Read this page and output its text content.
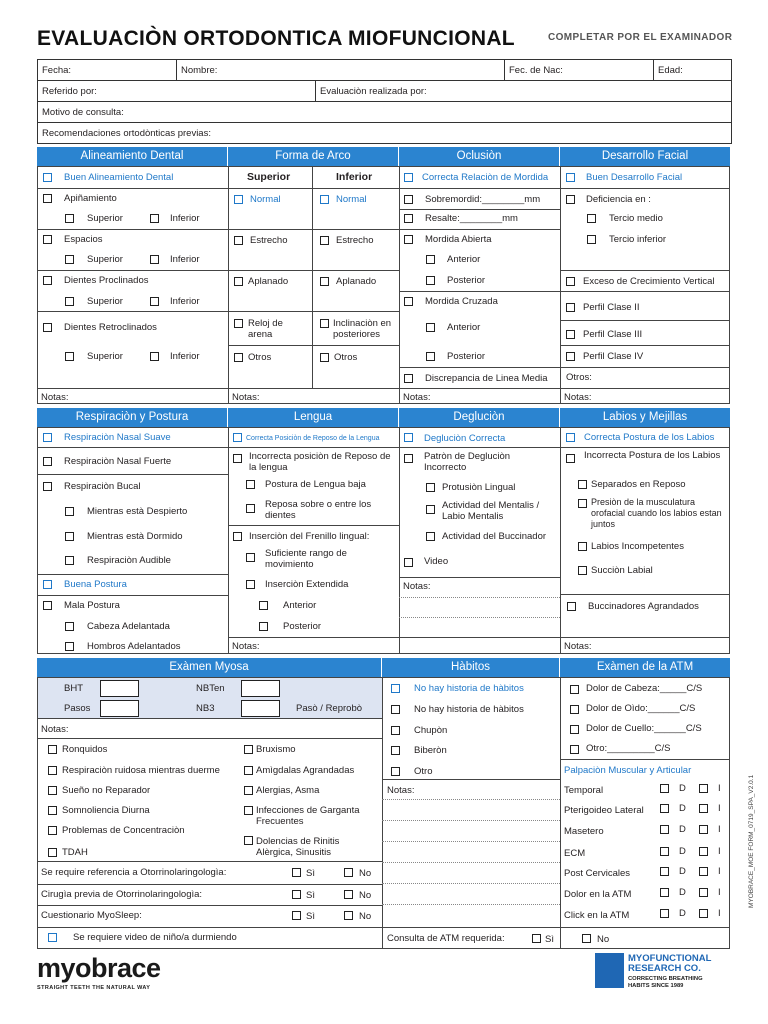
EVALUACIÒN ORTODONTICA MIOFUNCIONAL	COMPLETAR POR EL EXAMINADOR
Fecha:	Nombre:	Fec. de Nac:	Edad:
Referido por:	Evaluaciòn realizada por:
Motivo de consulta:
Recomendaciones ortodònticas previas:
Alineamiento Dental	Forma de Arco	Oclusiòn	Desarrollo Facial
Buen Alineamiento Dental
Apiñamiento
Superior	Inferior
Espacios
Superior	Inferior
Dientes Proclinados
Superior	Inferior
Dientes Retroclinados
Superior	Inferior
Superior	Inferior
Normal	Normal
Estrecho	Estrecho
Aplanado	Aplanado
Reloj de arena
Inclinaciòn en posteriores
Otros	Otros
Correcta Relaciòn de Mordida
Sobremordid:________mm
Resalte:________mm
Mordida Abierta
Anterior
Posterior
Mordida Cruzada
Anterior
Posterior
Discrepancia de Linea Media
Buen Desarrollo Facial
Deficiencia en :
Tercio medio
Tercio inferior
Exceso de Crecimiento Vertical
Perfil Clase II
Perfil Clase III
Perfil Clase IV
Otros:
Notas:	Notas:	Notas:	Notas:
Respiraciòn y Postura	Lengua	Degluciòn	Labios y Mejillas
Respiraciòn Nasal Suave
Respiraciòn Nasal Fuerte
Respiraciòn Bucal
Mientras està Despierto
Mientras està Dormido
Respiraciòn Audible
Buena Postura
Mala Postura
Cabeza Adelantada
Hombros Adelantados
Correcta Posiciòn de Reposo de la Lengua
Incorrecta posiciòn de Reposo de la lengua
Postura de Lengua baja
Reposa sobre o entre los dientes
Inserciòn del Frenillo lingual:
Suficiente rango de movimiento
Inserciòn Extendida
Anterior
Posterior
Degluciòn Correcta
Patròn de Degluciòn Incorrecto
Protusiòn Lingual
Actividad del Mentalis / Labio Mentalis
Actividad del Buccinador
Video
Notas:
Correcta Postura de los Labios
Incorrecta Postura de los Labios
Separados en Reposo
Presiòn de la musculatura orofacial cuando los labios estan juntos
Labios Incompetentes
Succiòn Labial
Buccinadores Agrandados
Notas:	Notas:
Exàmen Myosa	Hàbitos	Exàmen de la ATM
BHT	NBTen
Pasos	NB3	Pasò / Reprobò
Notas:
Ronquidos
Respiraciòn ruidosa mientras duerme
Sueño no Reparador
Somnoliencia Diurna
Problemas de Concentraciòn
TDAH
Bruxismo
Amìgdalas Agrandadas
Alergias, Asma
Infecciones de Garganta Frecuentes
Dolencias de Rinitis Alèrgica, Sinusitis
Se require referencia a Otorrinolaringologìa:	Sì	No
Cirugìa previa de Otorrinolaringologìa:	Sì	No
Cuestionario MyoSleep:	Sì	No
Se requiere video de niño/a durmiendo
No hay historia de hàbitos
No hay historia de hàbitos
Chupòn
Biberòn
Otro
Notas:
Consulta de ATM requerida:	Sì	No
Dolor de Cabeza:_____C/S
Dolor de Oìdo:______C/S
Dolor de Cuello:______C/S
Otro:_________C/S
Palpaciòn Muscular y Articular
Temporal	D	I
Pterigoideo Lateral	D	I
Masetero	D	I
ECM	D	I
Post Cervicales	D	I
Dolor en la ATM	D	I
Click en la ATM	D	I
myobrace
STRAIGHT TEETH THE NATURAL WAY
MYOFUNCTIONAL RESEARCH CO.
CORRECTING BREATHING HABITS SINCE 1989
MYOBRACE_MOE FORM_0719_SPA_V2.0.1
